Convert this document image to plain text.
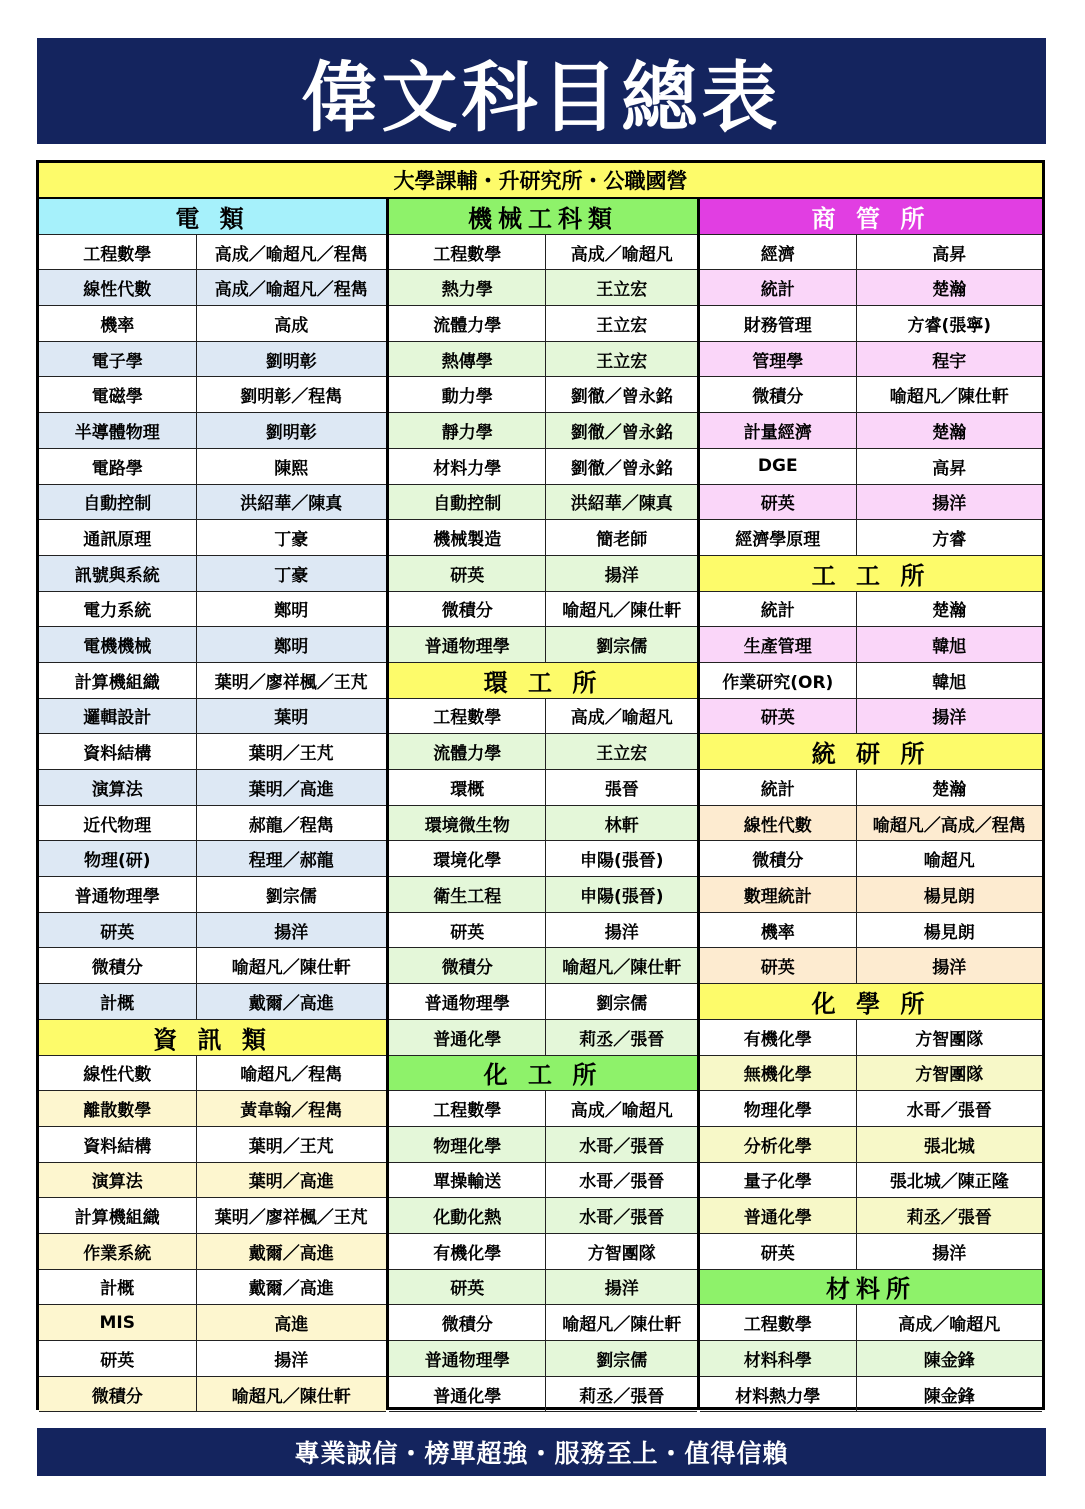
偉文科目總表
大學課輔・升研究所・公職國營
電 類
工程數學	高成／喻超凡／程雋
線性代數	高成／喻超凡／程雋
機率	高成
電子學	劉明彰
電磁學	劉明彰／程雋
半導體物理	劉明彰
電路學	陳熙
自動控制	洪紹華／陳真
通訊原理	丁豪
訊號與系統	丁豪
電力系統	鄭明
電機機械	鄭明
計算機組織	葉明／廖祥楓／王芃
邏輯設計	葉明
資料結構	葉明／王芃
演算法	葉明／高進
近代物理	郝龍／程雋
物理(研)	程理／郝龍
普通物理學	劉宗儒
研英	揚洋
微積分	喻超凡／陳仕軒
計概	戴爾／高進
資 訊 類
線性代數	喻超凡／程雋
離散數學	黃韋翰／程雋
資料結構	葉明／王芃
演算法	葉明／高進
計算機組織	葉明／廖祥楓／王芃
作業系統	戴爾／高進
計概	戴爾／高進
MIS	高進
研英	揚洋
微積分	喻超凡／陳仕軒
機械工科類
工程數學	高成／喻超凡
熱力學	王立宏
流體力學	王立宏
熱傳學	王立宏
動力學	劉徹／曾永銘
靜力學	劉徹／曾永銘
材料力學	劉徹／曾永銘
自動控制	洪紹華／陳真
機械製造	簡老師
研英	揚洋
微積分	喻超凡／陳仕軒
普通物理學	劉宗儒
環 工 所
工程數學	高成／喻超凡
流體力學	王立宏
環概	張晉
環境微生物	林軒
環境化學	申陽(張晉)
衛生工程	申陽(張晉)
研英	揚洋
微積分	喻超凡／陳仕軒
普通物理學	劉宗儒
普通化學	莉丞／張晉
化 工 所
工程數學	高成／喻超凡
物理化學	水哥／張晉
單操輸送	水哥／張晉
化動化熱	水哥／張晉
有機化學	方智團隊
研英	揚洋
微積分	喻超凡／陳仕軒
普通物理學	劉宗儒
普通化學	莉丞／張晉
商 管 所
經濟	高昇
統計	楚瀚
財務管理	方睿(張寧)
管理學	程宇
微積分	喻超凡／陳仕軒
計量經濟	楚瀚
DGE	高昇
研英	揚洋
經濟學原理	方睿
工 工 所
統計	楚瀚
生產管理	韓旭
作業研究(OR)	韓旭
研英	揚洋
統 研 所
統計	楚瀚
線性代數	喻超凡／高成／程雋
微積分	喻超凡
數理統計	楊見朗
機率	楊見朗
研英	揚洋
化 學 所
有機化學	方智團隊
無機化學	方智團隊
物理化學	水哥／張晉
分析化學	張北城
量子化學	張北城／陳正隆
普通化學	莉丞／張晉
研英	揚洋
材料所
工程數學	高成／喻超凡
材料科學	陳金鋒
材料熱力學	陳金鋒
專業誠信・榜單超強・服務至上・值得信賴
